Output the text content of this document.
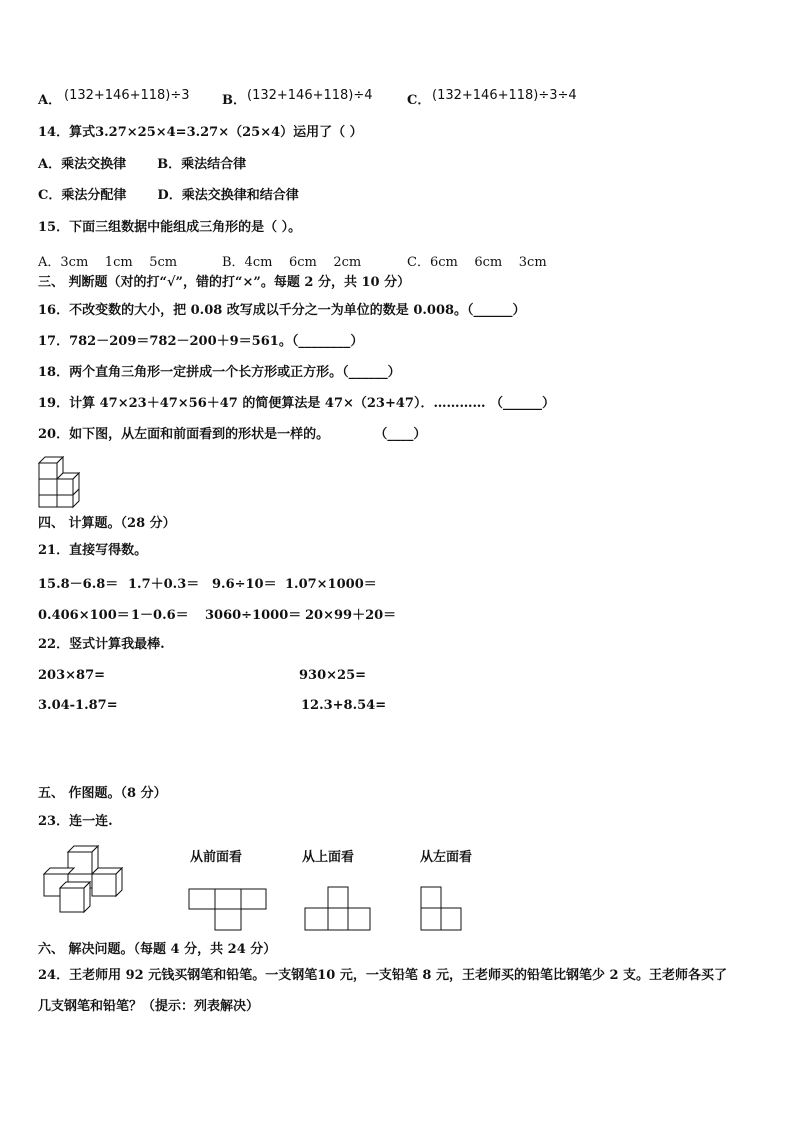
A． (132+146+118)÷3 B． (132+146+118)÷4	C． (132+146+118)÷3÷4
14．算式3.27×25×4=3.27×（25×4）运用了（ ）
A．乘法交换律 B．乘法结合律
C．乘法分配律 D．乘法交换律和结合律
15．下面三组数据中能组成三角形的是（ ）。
A．3cm    1cm    5cm	B．4cm    6cm    2cm	C．6cm    6cm    3cm
三、 判断题（对的打“√”，错的打“×”。每题 2 分，共 10 分）
16．不改变数的大小，把 0.08 改写成以千分之一为单位的数是 0.008。（______）
17．782－209＝782－200＋9＝561。（________）
18．两个直角三角形一定拼成一个长方形或正方形。（______）
19．计算 47×23＋47×56＋47 的简便算法是 47×（23+47）．………… （______）
20．如下图，从左面和前面看到的形状是一样的。          （____）
四、 计算题。（28 分）
21．直接写得数。
15.8－6.8＝ 1.7＋0.3＝ 9.6÷10＝ 1.07×1000＝
0.406×100＝ 1－0.6＝ 3060÷1000＝ 20×99＋20＝
22．竖式计算我最棒.
203×87=	930×25=
3.04-1.87=	12.3+8.54=
五、 作图题。（8 分）
23．连一连.
从前面看	从上面看	从左面看
六、 解决问题。（每题 4 分，共 24 分）
24．王老师用 92 元钱买钢笔和铅笔。一支钢笔10 元，一支铅笔 8 元，王老师买的铅笔比钢笔少 2 支。王老师各买了
几支钢笔和铅笔？（提示：列表解决）
